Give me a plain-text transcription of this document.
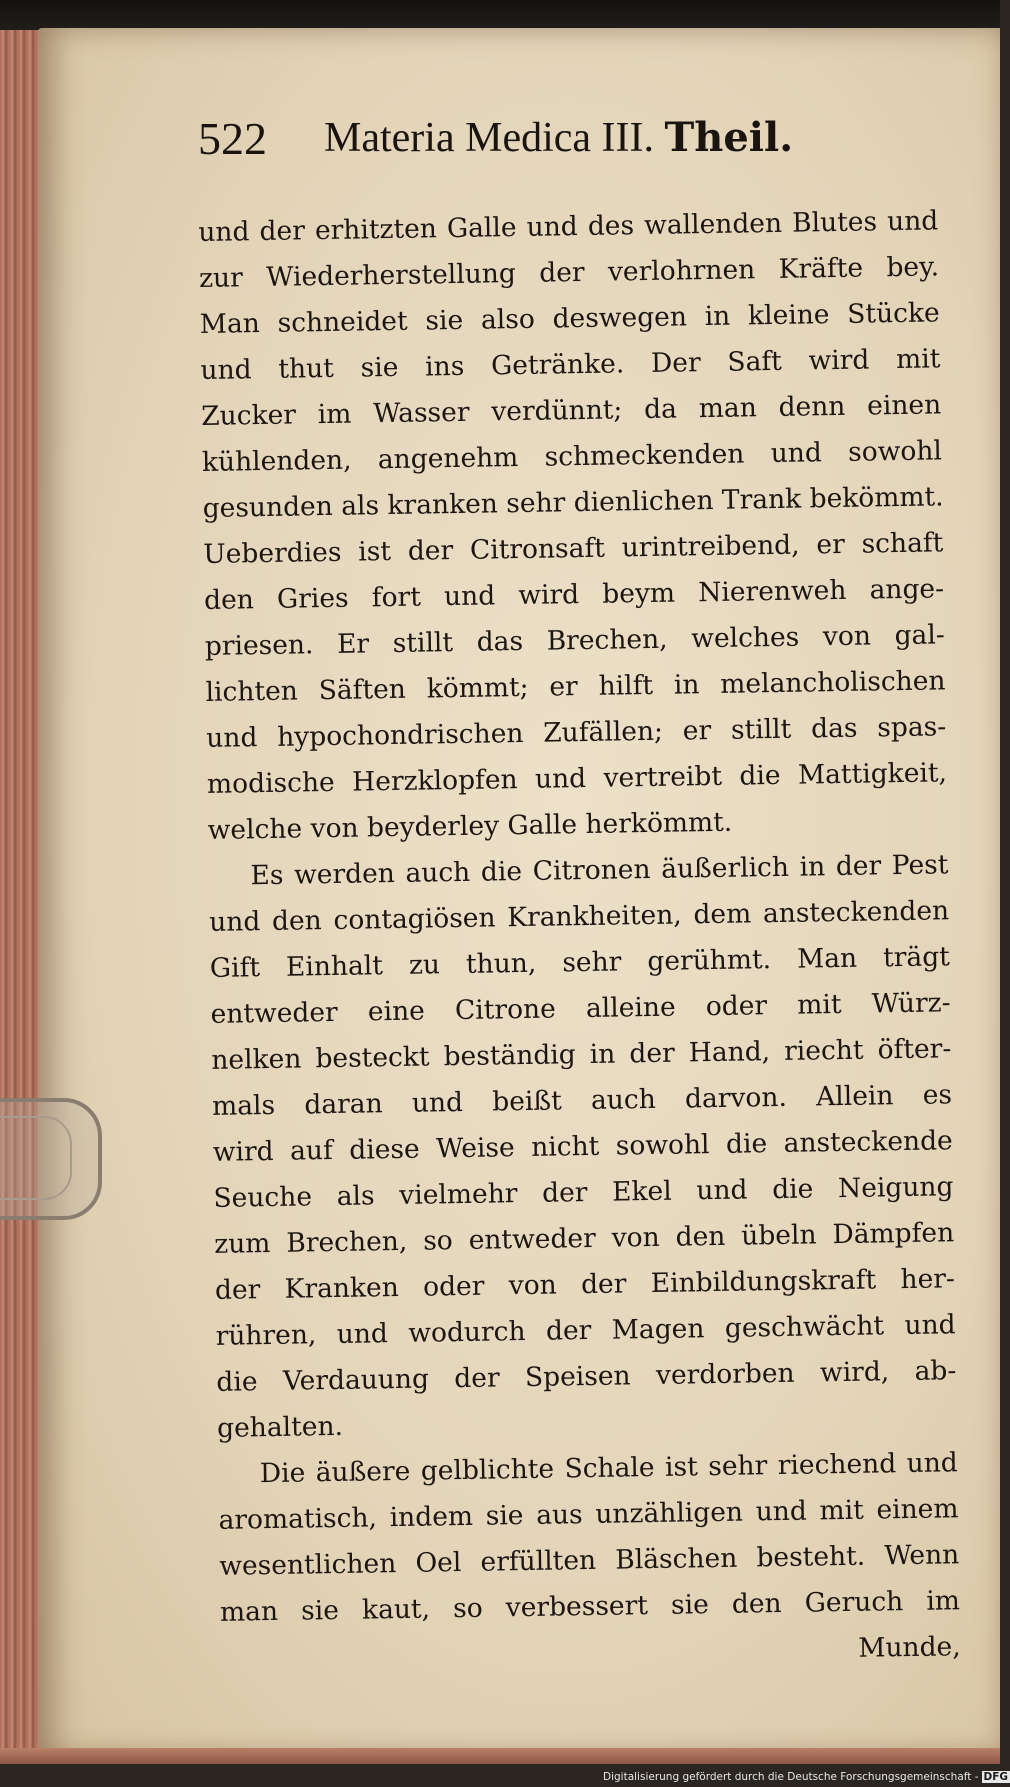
522 Materia Medica III. Theil.
und der erhitzten Galle und des wallenden Blutes und
zur Wiederherstellung der verlohrnen Kräfte bey.
Man schneidet sie also deswegen in kleine Stücke
und thut sie ins Getränke. Der Saft wird mit
Zucker im Wasser verdünnt; da man denn einen
kühlenden, angenehm schmeckenden und sowohl
gesunden als kranken sehr dienlichen Trank bekömmt.
Ueberdies ist der Citronsaft urintreibend, er schaft
den Gries fort und wird beym Nierenweh ange-
priesen. Er stillt das Brechen, welches von gal-
lichten Säften kömmt; er hilft in melancholischen
und hypochondrischen Zufällen; er stillt das spas-
modische Herzklopfen und vertreibt die Mattigkeit,
welche von beyderley Galle herkömmt.
Es werden auch die Citronen äußerlich in der Pest
und den contagiösen Krankheiten, dem ansteckenden
Gift Einhalt zu thun, sehr gerühmt. Man trägt
entweder eine Citrone alleine oder mit Würz-
nelken besteckt beständig in der Hand, riecht öfter-
mals daran und beißt auch darvon. Allein es
wird auf diese Weise nicht sowohl die ansteckende
Seuche als vielmehr der Ekel und die Neigung
zum Brechen, so entweder von den übeln Dämpfen
der Kranken oder von der Einbildungskraft her-
rühren, und wodurch der Magen geschwächt und
die Verdauung der Speisen verdorben wird, ab-
gehalten.
Die äußere gelblichte Schale ist sehr riechend und
aromatisch, indem sie aus unzähligen und mit einem
wesentlichen Oel erfüllten Bläschen besteht. Wenn
man sie kaut, so verbessert sie den Geruch im
Munde,
Digitalisierung gefördert durch die Deutsche Forschungsgemeinschaft - DFG
